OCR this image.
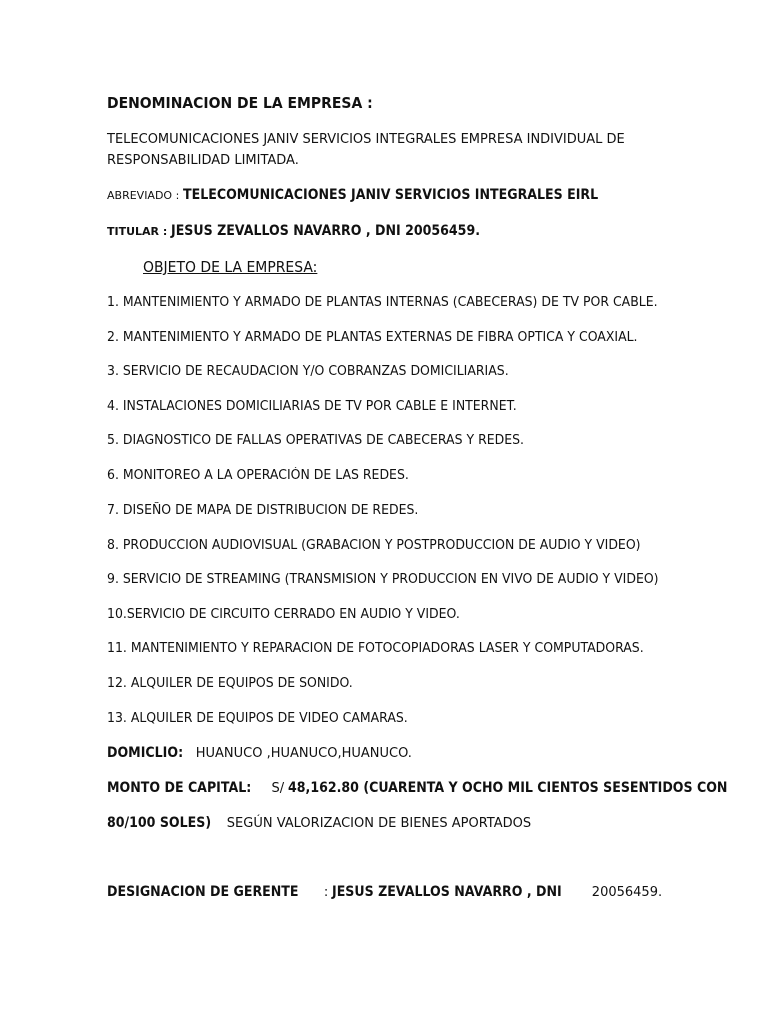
DENOMINACION DE LA EMPRESA :
TELECOMUNICACIONES JANIV SERVICIOS INTEGRALES EMPRESA INDIVIDUAL DE
RESPONSABILIDAD LIMITADA.
ABREVIADO : TELECOMUNICACIONES JANIV SERVICIOS INTEGRALES EIRL
TITULAR : JESUS ZEVALLOS NAVARRO , DNI 20056459.
OBJETO DE LA EMPRESA:
1. MANTENIMIENTO Y ARMADO DE PLANTAS INTERNAS (CABECERAS) DE TV POR CABLE.
2. MANTENIMIENTO Y ARMADO DE PLANTAS EXTERNAS DE FIBRA OPTICA Y COAXIAL.
3. SERVICIO DE RECAUDACION Y/O COBRANZAS DOMICILIARIAS.
4. INSTALACIONES DOMICILIARIAS DE TV POR CABLE E INTERNET.
5. DIAGNOSTICO DE FALLAS OPERATIVAS DE CABECERAS Y REDES.
6. MONITOREO A LA OPERACIÓN DE LAS REDES.
7. DISEÑO DE MAPA DE DISTRIBUCION DE REDES.
8. PRODUCCION AUDIOVISUAL (GRABACION Y POSTPRODUCCION DE AUDIO Y VIDEO)
9. SERVICIO DE STREAMING (TRANSMISION Y PRODUCCION EN VIVO DE AUDIO Y VIDEO)
10.SERVICIO DE CIRCUITO CERRADO EN AUDIO Y VIDEO.
11. MANTENIMIENTO Y REPARACION DE FOTOCOPIADORAS LASER Y COMPUTADORAS.
12. ALQUILER DE EQUIPOS DE SONIDO.
13. ALQUILER DE EQUIPOS DE VIDEO CAMARAS.
DOMICLIO: HUANUCO ,HUANUCO,HUANUCO.
MONTO DE CAPITAL: S/ 48,162.80 (CUARENTA Y OCHO MIL CIENTOS SESENTIDOS CON
80/100 SOLES) SEGÚN VALORIZACION DE BIENES APORTADOS
DESIGNACION DE GERENTE : JESUS ZEVALLOS NAVARRO , DNI 20056459.
